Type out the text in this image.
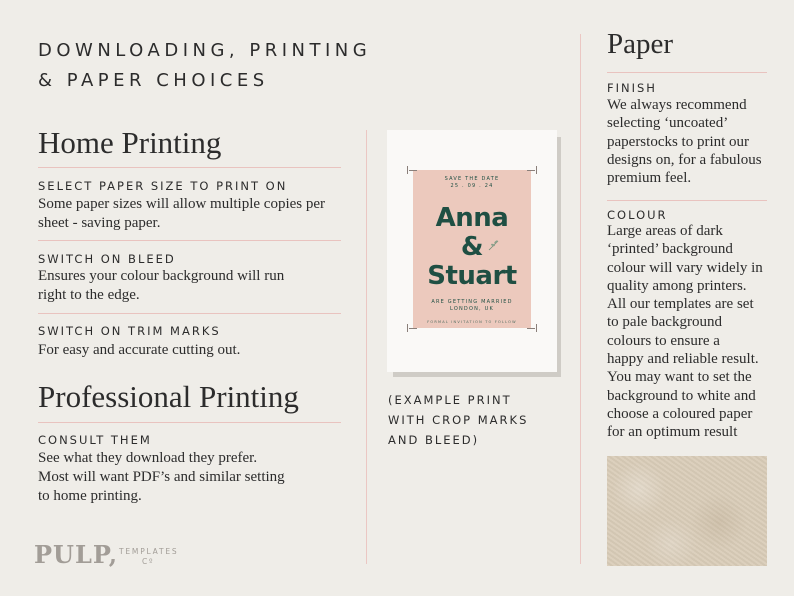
DOWNLOADING, PRINTING
& PAPER CHOICES
Home Printing
SELECT PAPER SIZE TO PRINT ON
Some paper sizes will allow multiple copies per
sheet - saving paper.
SWITCH ON BLEED
Ensures your colour background will run
right to the edge.
SWITCH ON TRIM MARKS
For easy and accurate cutting out.
Professional Printing
CONSULT THEM
See what they download they prefer.
Most will want PDF’s and similar setting
to home printing.
SAVE THE DATE
25 . 09 . 24
Anna
&
Stuart
ARE GETTING MARRIED
LONDON, UK
FORMAL INVITATION TO FOLLOW
(EXAMPLE PRINT
WITH CROP MARKS
AND BLEED)
Paper
FINISH
We always recommend
selecting ‘uncoated’
paperstocks to print our
designs on, for a fabulous
premium feel.
COLOUR
Large areas of dark
‘printed’ background
colour will vary widely in
quality among printers.
All our templates are set
to pale background
colours to ensure a
happy and reliable result.
You may want to set the
background to white and
choose a coloured paper
for an optimum result
PULP, TEMPLATES
Cº
